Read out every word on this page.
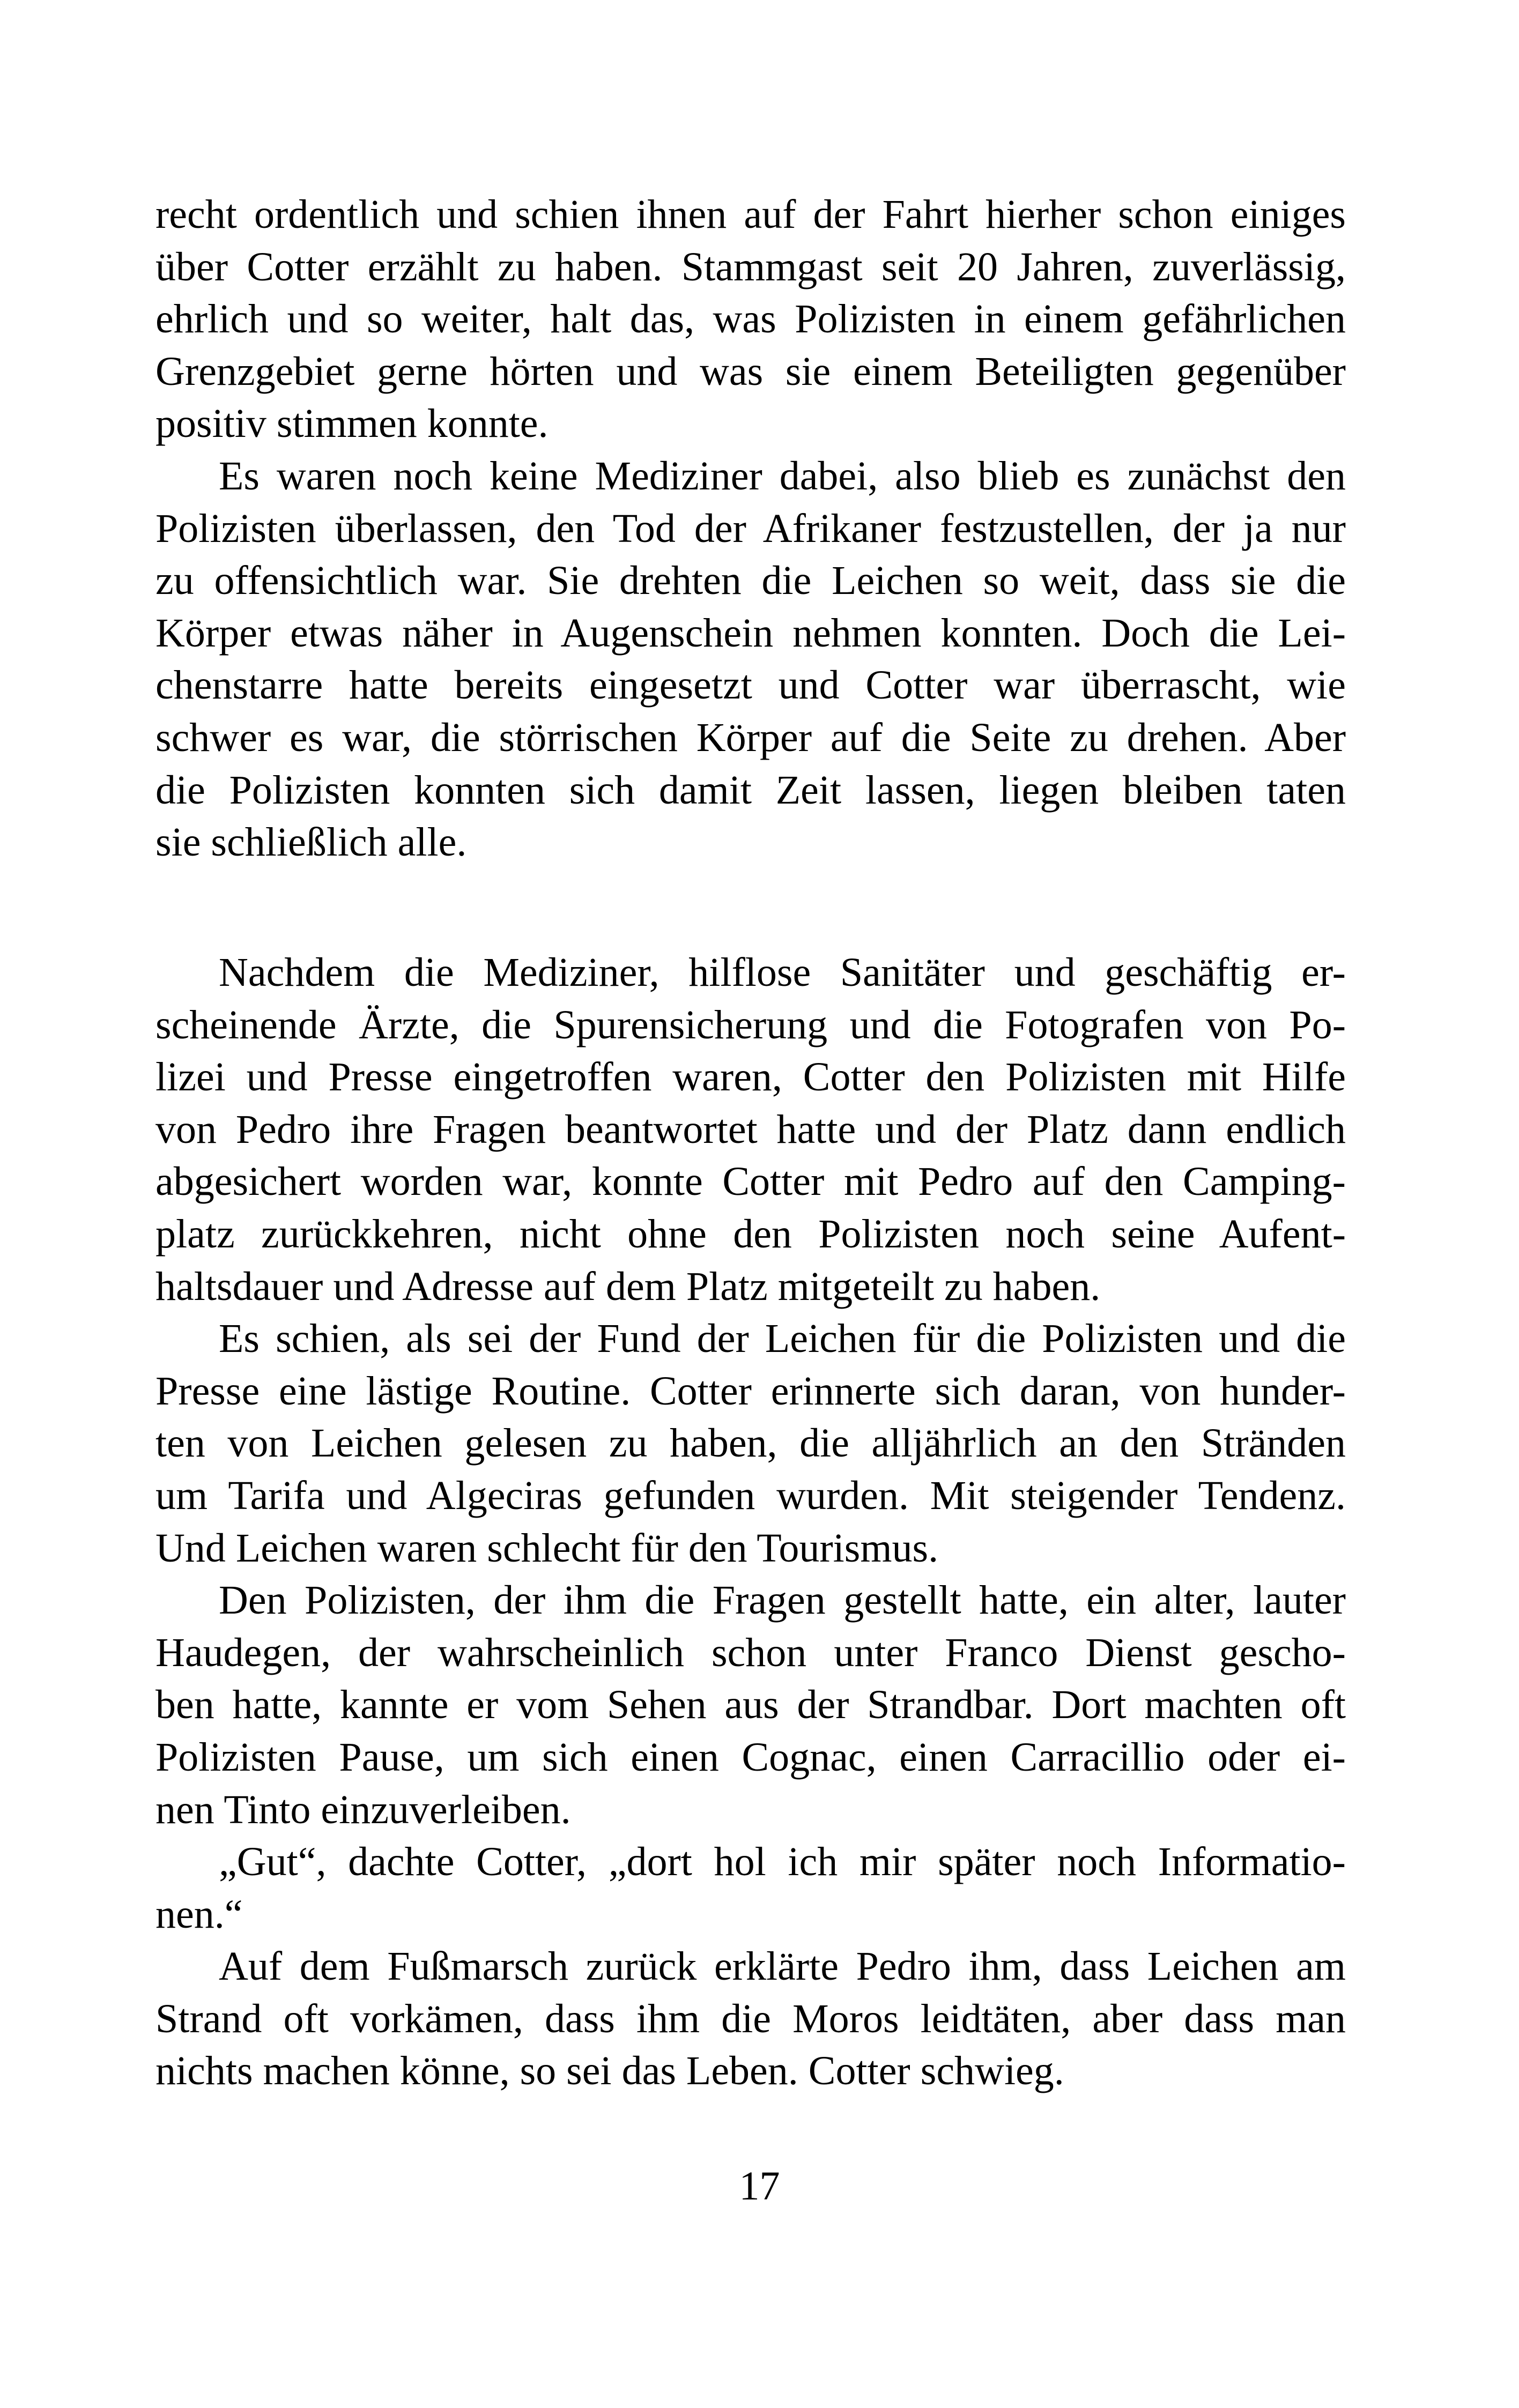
recht ordentlich und schien ihnen auf der Fahrt hierher schon einiges
über Cotter erzählt zu haben. Stammgast seit 20 Jahren, zuverlässig,
ehrlich und so weiter, halt das, was Polizisten in einem gefährlichen
Grenzgebiet gerne hörten und was sie einem Beteiligten gegenüber
positiv stimmen konnte.
Es waren noch keine Mediziner dabei, also blieb es zunächst den
Polizisten überlassen, den Tod der Afrikaner festzustellen, der ja nur
zu offensichtlich war. Sie drehten die Leichen so weit, dass sie die
Körper etwas näher in Augenschein nehmen konnten. Doch die Lei-
chenstarre hatte bereits eingesetzt und Cotter war überrascht, wie
schwer es war, die störrischen Körper auf die Seite zu drehen. Aber
die Polizisten konnten sich damit Zeit lassen, liegen bleiben taten
sie schließlich alle.
Nachdem die Mediziner, hilflose Sanitäter und geschäftig er-
scheinende Ärzte, die Spurensicherung und die Fotografen von Po-
lizei und Presse eingetroffen waren, Cotter den Polizisten mit Hilfe
von Pedro ihre Fragen beantwortet hatte und der Platz dann endlich
abgesichert worden war, konnte Cotter mit Pedro auf den Camping-
platz zurückkehren, nicht ohne den Polizisten noch seine Aufent-
haltsdauer und Adresse auf dem Platz mitgeteilt zu haben.
Es schien, als sei der Fund der Leichen für die Polizisten und die
Presse eine lästige Routine. Cotter erinnerte sich daran, von hunder-
ten von Leichen gelesen zu haben, die alljährlich an den Stränden
um Tarifa und Algeciras gefunden wurden. Mit steigender Tendenz.
Und Leichen waren schlecht für den Tourismus.
Den Polizisten, der ihm die Fragen gestellt hatte, ein alter, lauter
Haudegen, der wahrscheinlich schon unter Franco Dienst gescho-
ben hatte, kannte er vom Sehen aus der Strandbar. Dort machten oft
Polizisten Pause, um sich einen Cognac, einen Carracillio oder ei-
nen Tinto einzuverleiben.
„Gut“, dachte Cotter, „dort hol ich mir später noch Informatio-
nen.“
Auf dem Fußmarsch zurück erklärte Pedro ihm, dass Leichen am
Strand oft vorkämen, dass ihm die Moros leidtäten, aber dass man
nichts machen könne, so sei das Leben. Cotter schwieg.

17
